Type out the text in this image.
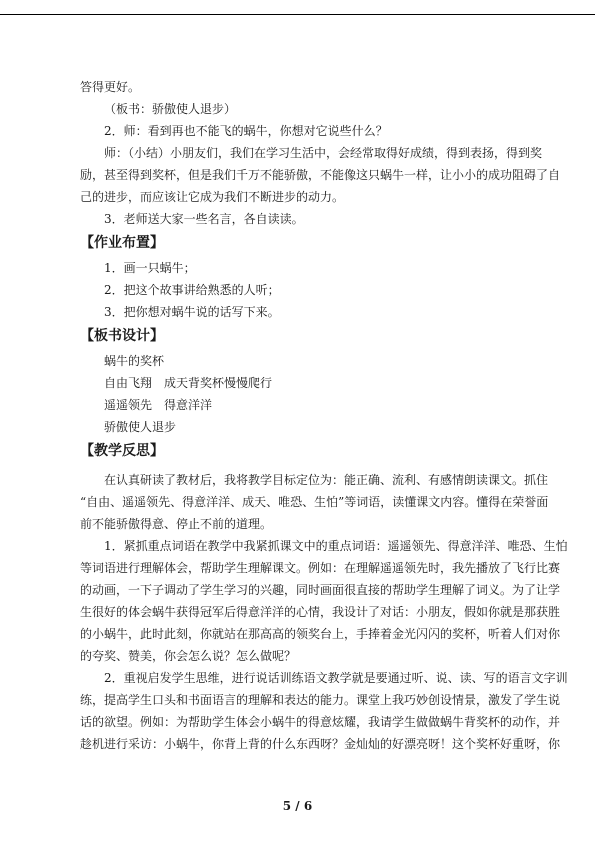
答得更好。

（板书：骄傲使人退步）

2．师：看到再也不能飞的蜗牛，你想对它说些什么？

师：（小结）小朋友们，我们在学习生活中，会经常取得好成绩，得到表扬，得到奖

励，甚至得到奖杯，但是我们千万不能骄傲，不能像这只蜗牛一样，让小小的成功阻碍了自

己的进步，而应该让它成为我们不断进步的动力。

3．老师送大家一些名言，各自读读。

【作业布置】

1．画一只蜗牛；

2．把这个故事讲给熟悉的人听；

3．把你想对蜗牛说的话写下来。

【板书设计】

蜗牛的奖杯

自由飞翔　成天背奖杯慢慢爬行

遥遥领先　得意洋洋

骄傲使人退步

【教学反思】

在认真研读了教材后，我将教学目标定位为：能正确、流利、有感情朗读课文。抓住

“自由、遥遥领先、得意洋洋、成天、唯恐、生怕”等词语，读懂课文内容。懂得在荣誉面

前不能骄傲得意、停止不前的道理。

1．紧抓重点词语在教学中我紧抓课文中的重点词语：遥遥领先、得意洋洋、唯恐、生怕

等词语进行理解体会，帮助学生理解课文。例如：在理解遥遥领先时，我先播放了飞行比赛

的动画，一下子调动了学生学习的兴趣，同时画面很直接的帮助学生理解了词义。为了让学

生很好的体会蜗牛获得冠军后得意洋洋的心情，我设计了对话：小朋友，假如你就是那获胜

的小蜗牛，此时此刻，你就站在那高高的领奖台上，手捧着金光闪闪的奖杯，听着人们对你

的夸奖、赞美，你会怎么说？怎么做呢？

2．重视启发学生思维，进行说话训练语文教学就是要通过听、说、读、写的语言文字训

练，提高学生口头和书面语言的理解和表达的能力。课堂上我巧妙创设情景，激发了学生说

话的欲望。例如：为帮助学生体会小蜗牛的得意炫耀，我请学生做做蜗牛背奖杯的动作，并

趁机进行采访：小蜗牛，你背上背的什么东西呀？金灿灿的好漂亮呀！这个奖杯好重呀，你

5 / 6
